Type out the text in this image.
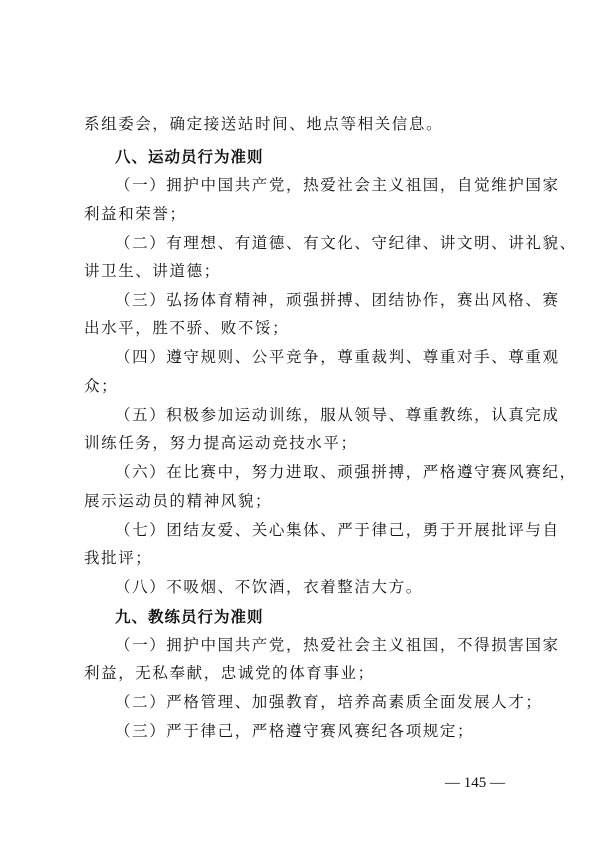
系组委会，确定接送站时间、地点等相关信息。
八、运动员行为准则
（一）拥护中国共产党，热爱社会主义祖国，自觉维护国家
利益和荣誉；
（二）有理想、有道德、有文化、守纪律、讲文明、讲礼貌、
讲卫生、讲道德；
（三）弘扬体育精神，顽强拼搏、团结协作，赛出风格、赛
出水平，胜不骄、败不馁；
（四）遵守规则、公平竞争，尊重裁判、尊重对手、尊重观
众；
（五）积极参加运动训练，服从领导、尊重教练，认真完成
训练任务，努力提高运动竞技水平；
（六）在比赛中，努力进取、顽强拼搏，严格遵守赛风赛纪，
展示运动员的精神风貌；
（七）团结友爱、关心集体、严于律己，勇于开展批评与自
我批评；
（八）不吸烟、不饮酒，衣着整洁大方。
九、教练员行为准则
（一）拥护中国共产党，热爱社会主义祖国，不得损害国家
利益，无私奉献，忠诚党的体育事业；
（二）严格管理、加强教育，培养高素质全面发展人才；
（三）严于律己，严格遵守赛风赛纪各项规定；
— 145 —
